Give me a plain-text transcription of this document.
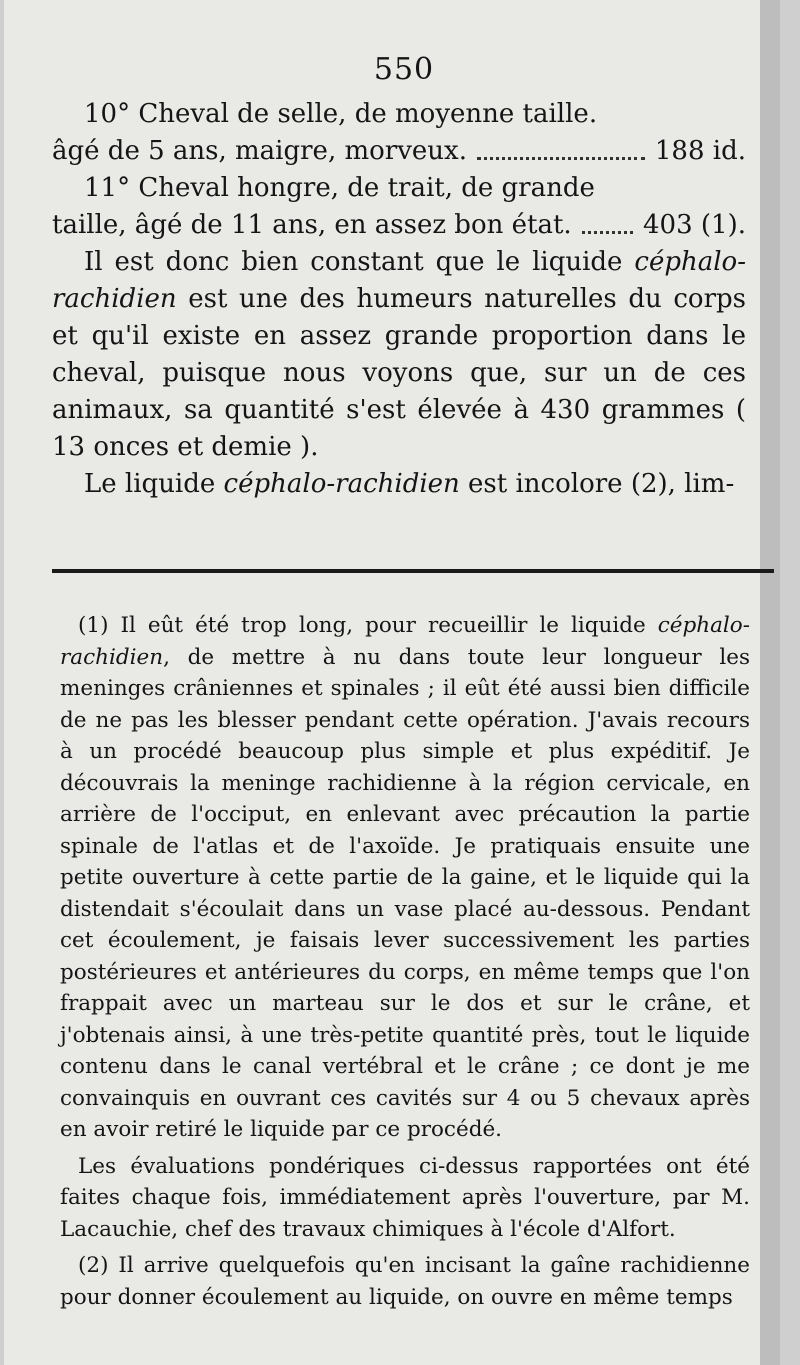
550

10° Cheval de selle, de moyenne taille.

âgé de 5 ans, maigre, morveux.	188 id.

11° Cheval hongre, de trait, de grande

taille, âgé de 11 ans, en assez bon état.	403 (1).

Il est donc bien constant que le liquide céphalo-rachidien est une des humeurs naturelles du corps et qu'il existe en assez grande proportion dans le cheval, puisque nous voyons que, sur un de ces animaux, sa quantité s'est élevée à 430 grammes ( 13 onces et demie ).

Le liquide céphalo-rachidien est incolore (2), lim-

(1) Il eût été trop long, pour recueillir le liquide céphalo-rachidien, de mettre à nu dans toute leur longueur les meninges crâniennes et spinales ; il eût été aussi bien difficile de ne pas les blesser pendant cette opération. J'avais recours à un procédé beaucoup plus simple et plus expéditif. Je découvrais la meninge rachidienne à la région cervicale, en arrière de l'occiput, en enlevant avec précaution la partie spinale de l'atlas et de l'axoïde. Je pratiquais ensuite une petite ouverture à cette partie de la gaine, et le liquide qui la distendait s'écoulait dans un vase placé au-dessous. Pendant cet écoulement, je faisais lever successivement les parties postérieures et antérieures du corps, en même temps que l'on frappait avec un marteau sur le dos et sur le crâne, et j'obtenais ainsi, à une très-petite quantité près, tout le liquide contenu dans le canal vertébral et le crâne ; ce dont je me convainquis en ouvrant ces cavités sur 4 ou 5 chevaux après en avoir retiré le liquide par ce procédé.

Les évaluations pondériques ci-dessus rapportées ont été faites chaque fois, immédiatement après l'ouverture, par M. Lacauchie, chef des travaux chimiques à l'école d'Alfort.

(2) Il arrive quelquefois qu'en incisant la gaîne rachidienne pour donner écoulement au liquide, on ouvre en même temps
